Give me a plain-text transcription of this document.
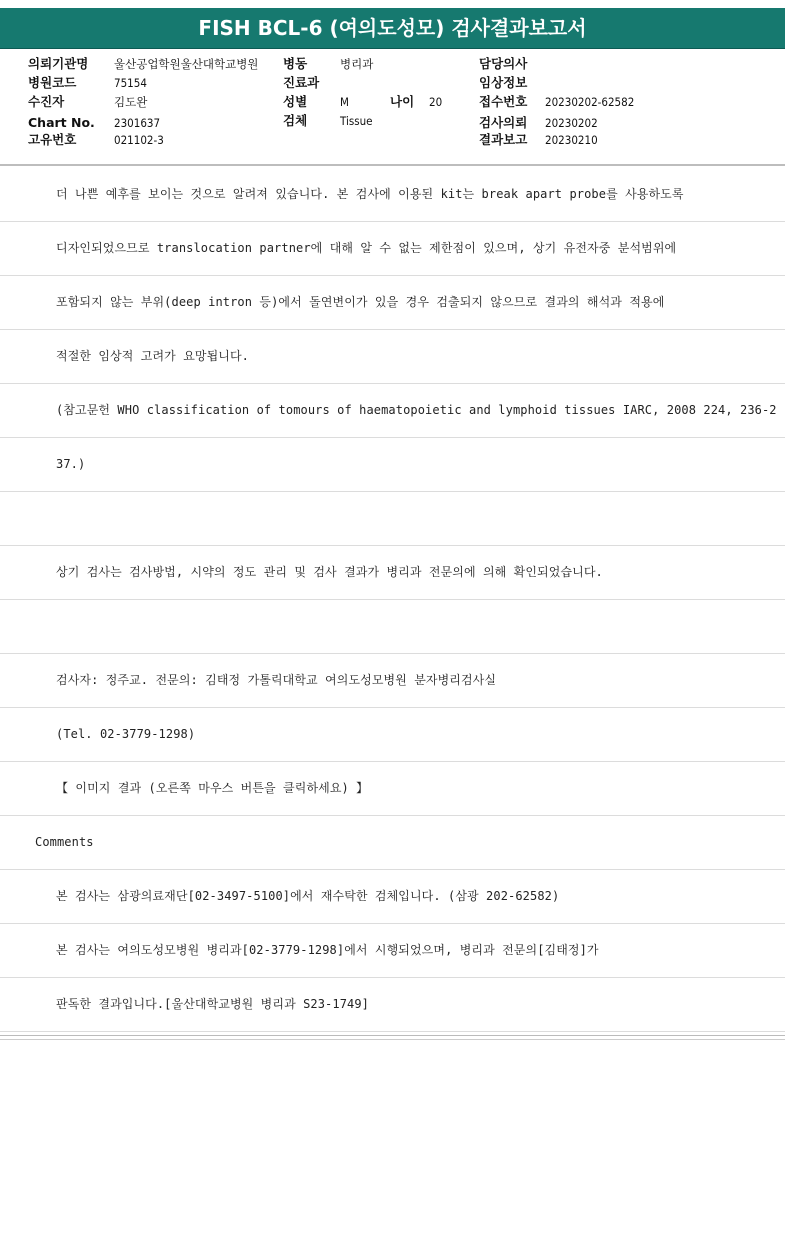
FISH BCL-6 (여의도성모) 검사결과보고서
의뢰기관명 울산공업학원울산대학교병원
병원코드	75154
수진자	김도완
Chart No. 2301637
고유번호	021102-3
병동	병리과
진료과
성별	M	나이 20
검체	Tissue
담당의사
임상정보
접수번호 20230202-62582
검사의뢰 20230202
결과보고 20230210
더 나쁜 예후를 보이는 것으로 알려져 있습니다. 본 검사에 이용된 kit는 break apart probe를 사용하도록
디자인되었으므로 translocation partner에 대해 알 수 없는 제한점이 있으며, 상기 유전자중 분석범위에
포함되지 않는 부위(deep intron 등)에서 돌연변이가 있을 경우 검출되지 않으므로 결과의 해석과 적용에
적절한 임상적 고려가 요망됩니다.
(참고문헌 WHO classification of tomours of haematopoietic and lymphoid tissues IARC, 2008 224, 236-2
37.)
상기 검사는 검사방법, 시약의 정도 관리 및 검사 결과가 병리과 전문의에 의해 확인되었습니다.
검사자: 정주교. 전문의: 김태정 가톨릭대학교 여의도성모병원 분자병리검사실
(Tel. 02-3779-1298)
【 이미지 결과 (오른쪽 마우스 버튼을 클릭하세요) 】
Comments
본 검사는 삼광의료재단[02-3497-5100]에서 재수탁한 검체입니다. (삼광 202-62582)
본 검사는 여의도성모병원 병리과[02-3779-1298]에서 시행되었으며, 병리과 전문의[김태정]가
판독한 결과입니다.[울산대학교병원 병리과 S23-1749]
